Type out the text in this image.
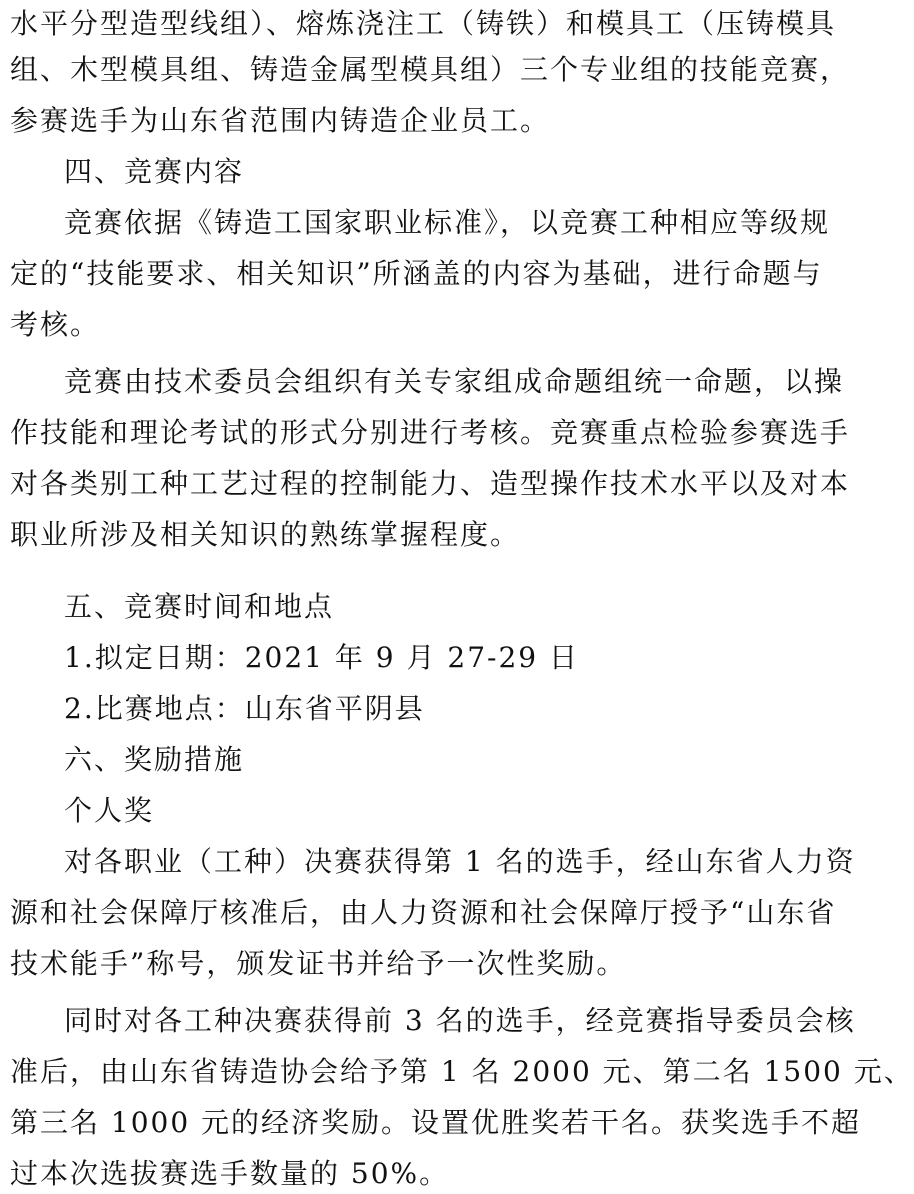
水平分型造型线组）、熔炼浇注工（铸铁）和模具工（压铸模具
组、木型模具组、铸造金属型模具组）三个专业组的技能竞赛，
参赛选手为山东省范围内铸造企业员工。
四、竞赛内容
竞赛依据《铸造工国家职业标准》，以竞赛工种相应等级规
定的“技能要求、相关知识”所涵盖的内容为基础，进行命题与
考核。
竞赛由技术委员会组织有关专家组成命题组统一命题，以操
作技能和理论考试的形式分别进行考核。竞赛重点检验参赛选手
对各类别工种工艺过程的控制能力、造型操作技术水平以及对本
职业所涉及相关知识的熟练掌握程度。
五、竞赛时间和地点
1.拟定日期：2021 年 9 月 27-29 日
2.比赛地点：山东省平阴县
六、奖励措施
个人奖
对各职业（工种）决赛获得第 1 名的选手，经山东省人力资
源和社会保障厅核准后，由人力资源和社会保障厅授予“山东省
技术能手”称号，颁发证书并给予一次性奖励。
同时对各工种决赛获得前 3 名的选手，经竞赛指导委员会核
准后，由山东省铸造协会给予第 1 名 2000 元、第二名 1500 元、
第三名 1000 元的经济奖励。设置优胜奖若干名。获奖选手不超
过本次选拔赛选手数量的 50%。
